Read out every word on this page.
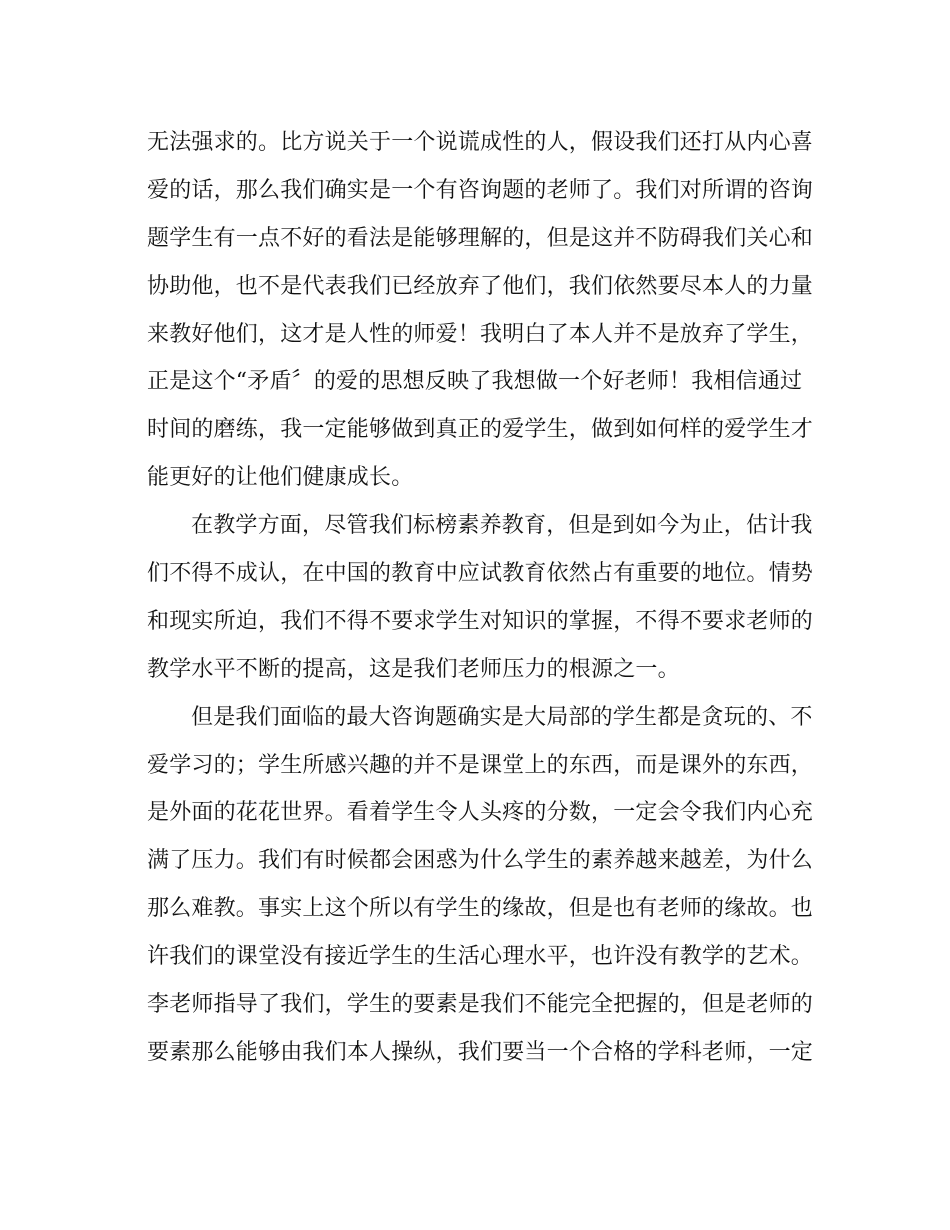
无法强求的。比方说关于一个说谎成性的人，假设我们还打从内心喜
爱的话，那么我们确实是一个有咨询题的老师了。我们对所谓的咨询
题学生有一点不好的看法是能够理解的，但是这并不防碍我们关心和
协助他，也不是代表我们已经放弃了他们，我们依然要尽本人的力量
来教好他们，这才是人性的师爱！我明白了本人并不是放弃了学生，
正是这个“矛盾〞的爱的思想反映了我想做一个好老师！我相信通过
时间的磨练，我一定能够做到真正的爱学生，做到如何样的爱学生才
能更好的让他们健康成长。
在教学方面，尽管我们标榜素养教育，但是到如今为止，估计我
们不得不成认，在中国的教育中应试教育依然占有重要的地位。情势
和现实所迫，我们不得不要求学生对知识的掌握，不得不要求老师的
教学水平不断的提高，这是我们老师压力的根源之一。
但是我们面临的最大咨询题确实是大局部的学生都是贪玩的、不
爱学习的；学生所感兴趣的并不是课堂上的东西，而是课外的东西，
是外面的花花世界。看着学生令人头疼的分数，一定会令我们内心充
满了压力。我们有时候都会困惑为什么学生的素养越来越差，为什么
那么难教。事实上这个所以有学生的缘故，但是也有老师的缘故。也
许我们的课堂没有接近学生的生活心理水平，也许没有教学的艺术。
李老师指导了我们，学生的要素是我们不能完全把握的，但是老师的
要素那么能够由我们本人操纵，我们要当一个合格的学科老师，一定
